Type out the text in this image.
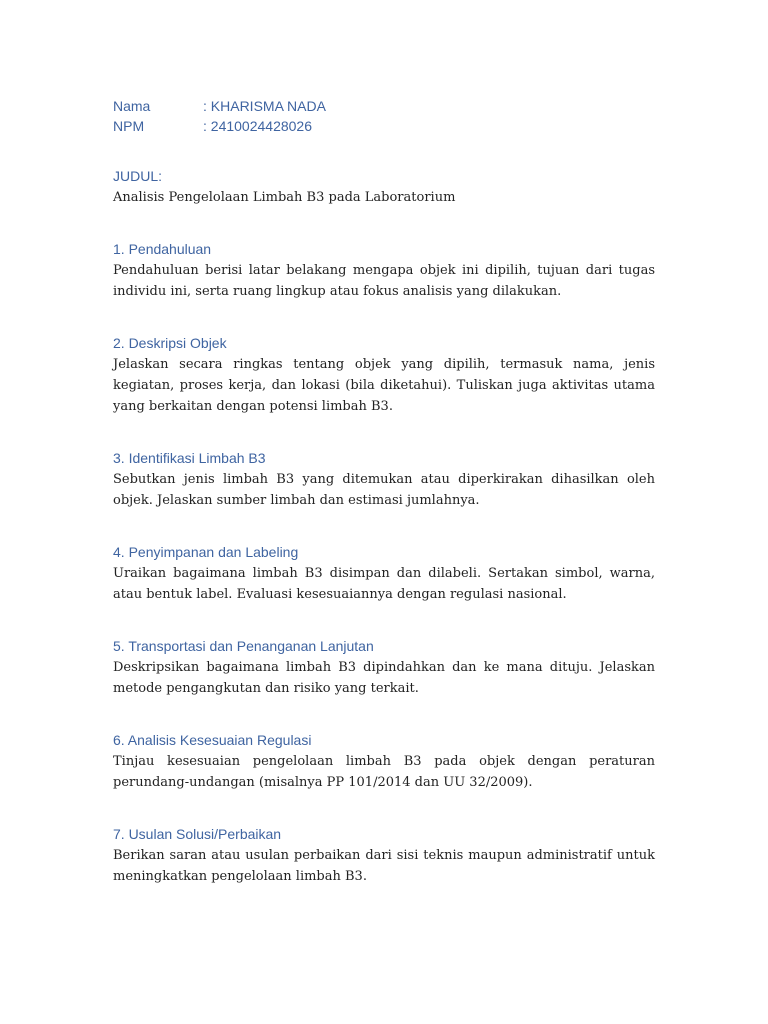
Nama	: KHARISMA NADA
NPM	: 2410024428026

JUDUL:

Analisis Pengelolaan Limbah B3 pada Laboratorium

1. Pendahuluan

Pendahuluan berisi latar belakang mengapa objek ini dipilih, tujuan dari tugas individu ini, serta ruang lingkup atau fokus analisis yang dilakukan.

2. Deskripsi Objek

Jelaskan secara ringkas tentang objek yang dipilih, termasuk nama, jenis kegiatan, proses kerja, dan lokasi (bila diketahui). Tuliskan juga aktivitas utama yang berkaitan dengan potensi limbah B3.

3. Identifikasi Limbah B3

Sebutkan jenis limbah B3 yang ditemukan atau diperkirakan dihasilkan oleh objek. Jelaskan sumber limbah dan estimasi jumlahnya.

4. Penyimpanan dan Labeling

Uraikan bagaimana limbah B3 disimpan dan dilabeli. Sertakan simbol, warna, atau bentuk label. Evaluasi kesesuaiannya dengan regulasi nasional.

5. Transportasi dan Penanganan Lanjutan

Deskripsikan bagaimana limbah B3 dipindahkan dan ke mana dituju. Jelaskan metode pengangkutan dan risiko yang terkait.

6. Analisis Kesesuaian Regulasi

Tinjau kesesuaian pengelolaan limbah B3 pada objek dengan peraturan perundang-undangan (misalnya PP 101/2014 dan UU 32/2009).

7. Usulan Solusi/Perbaikan

Berikan saran atau usulan perbaikan dari sisi teknis maupun administratif untuk meningkatkan pengelolaan limbah B3.
